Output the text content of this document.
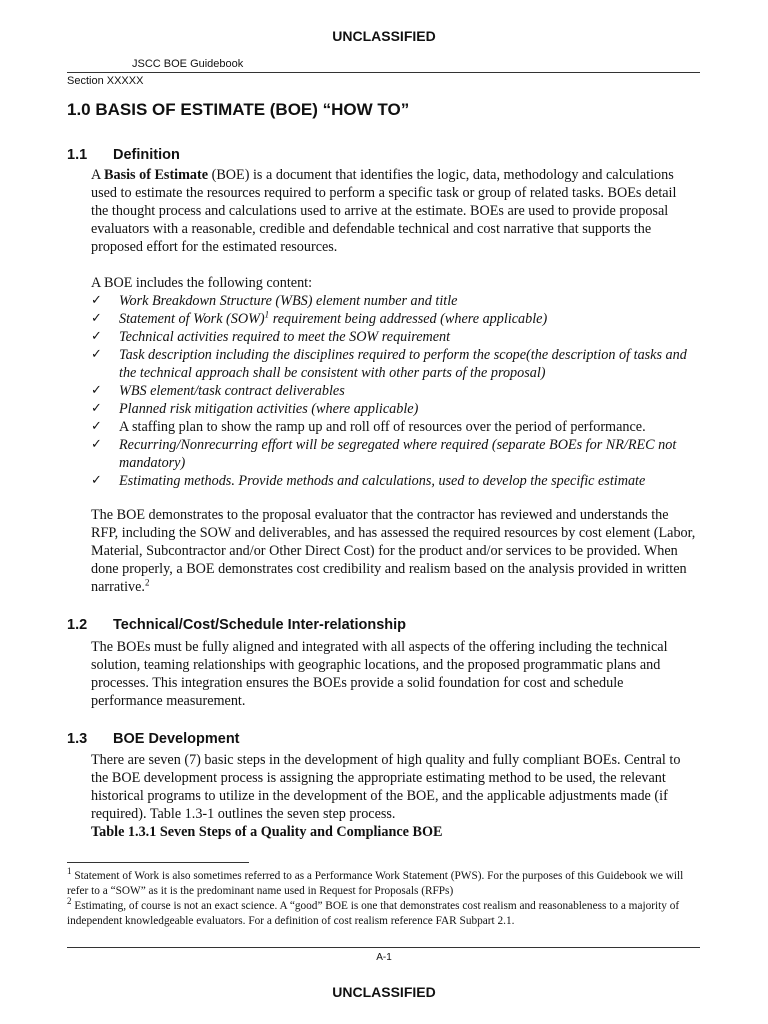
UNCLASSIFIED
JSCC BOE Guidebook
Section XXXXX
1.0 BASIS OF ESTIMATE (BOE) “HOW TO”
1.1 Definition

A Basis of Estimate (BOE) is a document that identifies the logic, data, methodology and calculations used to estimate the resources required to perform a specific task or group of related tasks. BOEs detail the thought process and calculations used to arrive at the estimate. BOEs are used to provide proposal evaluators with a reasonable, credible and defendable technical and cost narrative that supports the proposed effort for the estimated resources.

A BOE includes the following content:
✓ Work Breakdown Structure (WBS) element number and title
✓ Statement of Work (SOW)$^1$ requirement being addressed (where applicable)
✓ Technical activities required to meet the SOW requirement
✓ Task description including the disciplines required to perform the scope(the description of tasks and the technical approach shall be consistent with other parts of the proposal)
✓ WBS element/task contract deliverables
✓ Planned risk mitigation activities (where applicable)
✓ A staffing plan to show the ramp up and roll off of resources over the period of performance.
✓ Recurring/Nonrecurring effort will be segregated where required (separate BOEs for NR/REC not mandatory)
✓ Estimating methods. Provide methods and calculations, used to develop the specific estimate

The BOE demonstrates to the proposal evaluator that the contractor has reviewed and understands the RFP, including the SOW and deliverables, and has assessed the required resources by cost element (Labor, Material, Subcontractor and/or Other Direct Cost) for the product and/or services to be provided. When done properly, a BOE demonstrates cost credibility and realism based on the analysis provided in written narrative.$^2$

1.2 Technical/Cost/Schedule Inter-relationship
The BOEs must be fully aligned and integrated with all aspects of the offering including the technical solution, teaming relationships with geographic locations, and the proposed programmatic plans and processes. This integration ensures the BOEs provide a solid foundation for cost and schedule performance measurement.
1.3 BOE Development
There are seven (7) basic steps in the development of high quality and fully compliant BOEs. Central to the BOE development process is assigning the appropriate estimating method to be used, the relevant historical programs to utilize in the development of the BOE, and the applicable adjustments made (if required). Table 1.3-1 outlines the seven step process.
Table 1.3.1 Seven Steps of a Quality and Compliance BOE

$^1$ Statement of Work is also sometimes referred to as a Performance Work Statement (PWS). For the purposes of this Guidebook we will refer to a “SOW” as it is the predominant name used in Request for Proposals (RFPs)

$^2$ Estimating, of course is not an exact science. A “good” BOE is one that demonstrates cost realism and reasonableness to a majority of independent knowledgeable evaluators. For a definition of cost realism reference FAR Subpart 2.1.

A-1
UNCLASSIFIED
